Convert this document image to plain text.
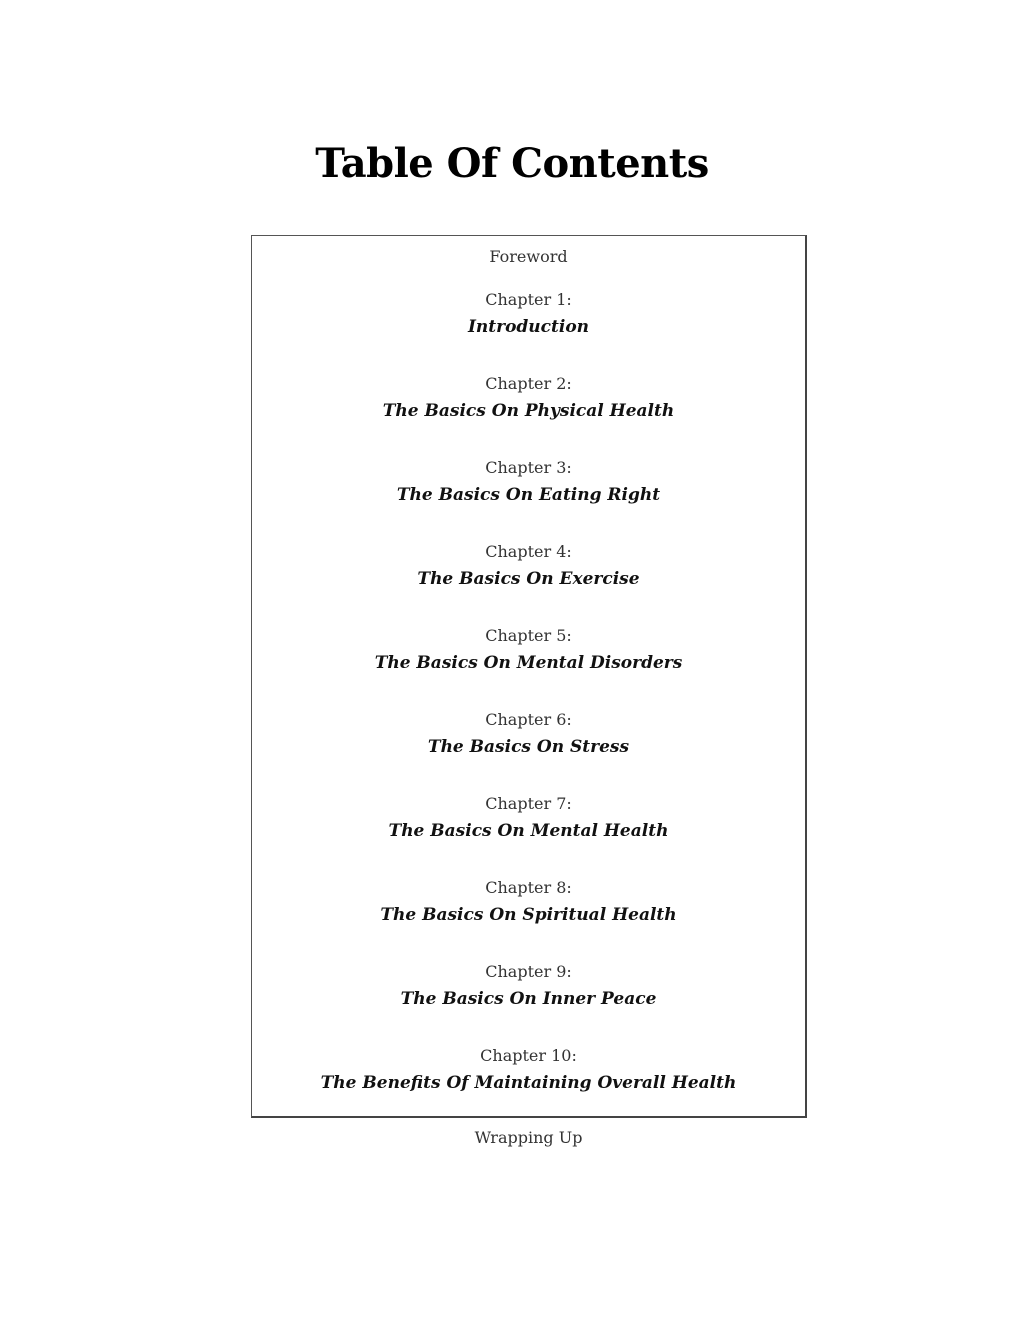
Table Of Contents
Foreword
Chapter 1:
Introduction
Chapter 2:
The Basics On Physical Health
Chapter 3:
The Basics On Eating Right
Chapter 4:
The Basics On Exercise
Chapter 5:
The Basics On Mental Disorders
Chapter 6:
The Basics On Stress
Chapter 7:
The Basics On Mental Health
Chapter 8:
The Basics On Spiritual Health
Chapter 9:
The Basics On Inner Peace
Chapter 10:
The Benefits Of Maintaining Overall Health
Wrapping Up
